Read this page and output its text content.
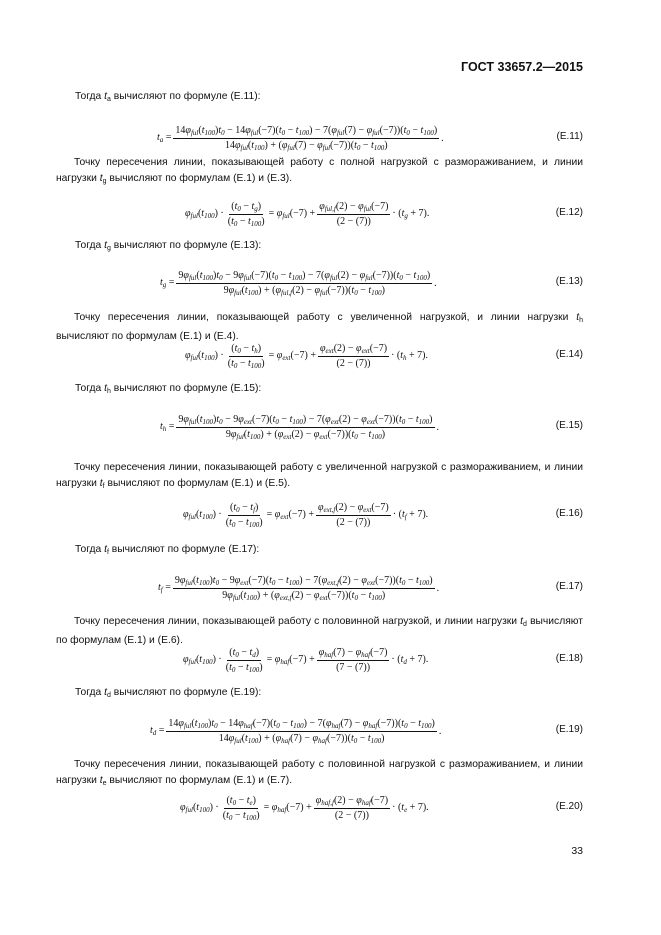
ГОСТ 33657.2—2015
Тогда $t_a$ вычисляют по формуле (Е.11):
$t_a$ =
$14\varphi_{ful}(t_{100})t_0 - 14\varphi_{ful}(-7)(t_0 - t_{100}) - 7(\varphi_{ful}(7) - \varphi_{ful}(-7))(t_0 - t_{100})$
$14\varphi_{ful}(t_{100}) + (\varphi_{ful}(7) - \varphi_{ful}(-7))(t_0 - t_{100})$
.	(Е.11)
Точку пересечения линии, показывающей работу с полной нагрузкой с размораживанием, и линии нагрузки $t_g$ вычисляют по формулам (Е.1) и (Е.3).
$\varphi_{ful}(t_{100}) \cdot \frac{(t_0 - t_g)}{(t_0 - t_{100})} = \varphi_{ful}(-7) + \frac{\varphi_{ful,f}(2) - \varphi_{ful}(-7)}{(2 - (7))} \cdot (t_g + 7)$.	(Е.12)
Тогда $t_g$ вычисляют по формуле (Е.13):
$t_g$ =
$9\varphi_{ful}(t_{100})t_0 - 9\varphi_{ful}(-7)(t_0 - t_{100}) - 7(\varphi_{ful}(2) - \varphi_{ful}(-7))(t_0 - t_{100})$
$9\varphi_{ful}(t_{100}) + (\varphi_{ful,f}(2) - \varphi_{ful}(-7))(t_0 - t_{100})$
.	(Е.13)
Точку пересечения линии, показывающей работу с увеличенной нагрузкой, и линии нагрузки $t_h$ вычисляют по формулам (Е.1) и (Е.4).
$\varphi_{ful}(t_{100}) \cdot \frac{(t_0 - t_h)}{(t_0 - t_{100})} = \varphi_{ext}(-7) + \frac{\varphi_{ext}(2) - \varphi_{ext}(-7)}{(2 - (7))} \cdot (t_h + 7)$.	(Е.14)
Тогда $t_h$ вычисляют по формуле (Е.15):
$t_h$ =
$9\varphi_{ful}(t_{100})t_0 - 9\varphi_{ext}(-7)(t_0 - t_{100}) - 7(\varphi_{ext}(2) - \varphi_{ext}(-7))(t_0 - t_{100})$
$9\varphi_{ful}(t_{100}) + (\varphi_{ext}(2) - \varphi_{ext}(-7))(t_0 - t_{100})$
.	(Е.15)
Точку пересечения линии, показывающей работу с увеличенной нагрузкой с размораживанием, и линии нагрузки $t_f$ вычисляют по формулам (Е.1) и (Е.5).
$\varphi_{ful}(t_{100}) \cdot \frac{(t_0 - t_f)}{(t_0 - t_{100})} = \varphi_{ext}(-7) + \frac{\varphi_{ext,f}(2) - \varphi_{ext}(-7)}{(2 - (7))} \cdot (t_f + 7)$.	(Е.16)
Тогда $t_f$ вычисляют по формуле (Е.17):
$t_f$ =
$9\varphi_{ful}(t_{100})t_0 - 9\varphi_{ext}(-7)(t_0 - t_{100}) - 7(\varphi_{ext,f}(2) - \varphi_{ext}(-7))(t_0 - t_{100})$
$9\varphi_{ful}(t_{100}) + (\varphi_{ext,f}(2) - \varphi_{ext}(-7))(t_0 - t_{100})$
.	(Е.17)
Точку пересечения линии, показывающей работу с половинной нагрузкой, и линии нагрузки $t_d$ вычисляют по формулам (Е.1) и (Е.6).
$\varphi_{ful}(t_{100}) \cdot \frac{(t_0 - t_d)}{(t_0 - t_{100})} = \varphi_{haf}(-7) + \frac{\varphi_{haf}(7) - \varphi_{haf}(-7)}{(7 - (7))} \cdot (t_d + 7)$.	(Е.18)
Тогда $t_d$ вычисляют по формуле (Е.19):
$t_d$ =
$14\varphi_{ful}(t_{100})t_0 - 14\varphi_{haf}(-7)(t_0 - t_{100}) - 7(\varphi_{haf}(7) - \varphi_{haf}(-7))(t_0 - t_{100})$
$14\varphi_{ful}(t_{100}) + (\varphi_{haf}(7) - \varphi_{haf}(-7))(t_0 - t_{100})$
.	(Е.19)
Точку пересечения линии, показывающей работу с половинной нагрузкой с размораживанием, и линии нагрузки $t_e$ вычисляют по формулам (Е.1) и (Е.7).
$\varphi_{ful}(t_{100}) \cdot \frac{(t_0 - t_e)}{(t_0 - t_{100})} = \varphi_{haf}(-7) + \frac{\varphi_{haf,f}(2) - \varphi_{haf}(-7)}{(2 - (7))} \cdot (t_e + 7)$.	(Е.20)
33
